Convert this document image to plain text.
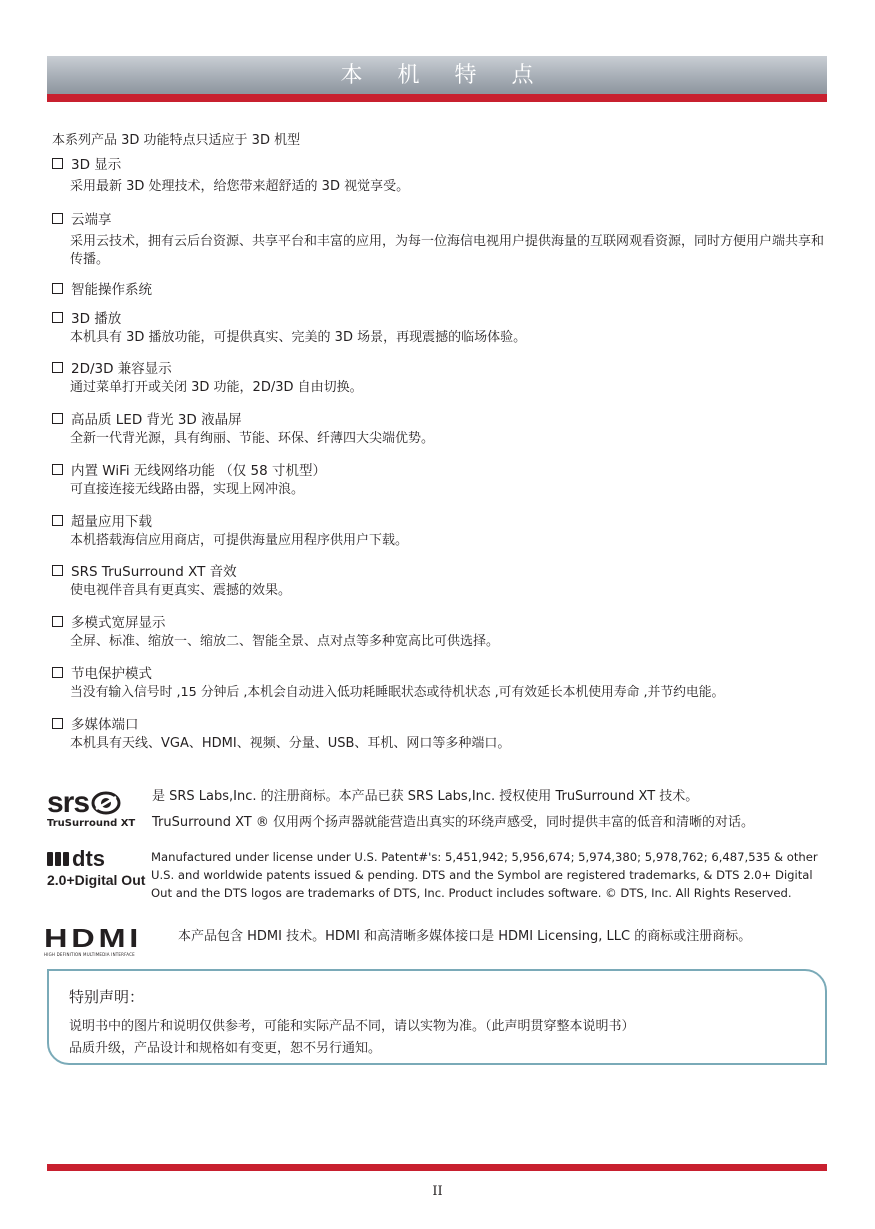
本 机 特 点
本系列产品 3D 功能特点只适应于 3D 机型
3D 显示
采用最新 3D 处理技术，给您带来超舒适的 3D 视觉享受。
云端享
采用云技术，拥有云后台资源、共享平台和丰富的应用，为每一位海信电视用户提供海量的互联网观看资源，同时方便用户端共享和传播。
智能操作系统
3D 播放
本机具有 3D 播放功能，可提供真实、完美的 3D 场景，再现震撼的临场体验。
2D/3D 兼容显示
通过菜单打开或关闭 3D 功能，2D/3D 自由切换。
高品质 LED 背光 3D 液晶屏
全新一代背光源，具有绚丽、节能、环保、纤薄四大尖端优势。
内置 WiFi 无线网络功能 （仅 58 寸机型）
可直接连接无线路由器，实现上网冲浪。
超量应用下载
本机搭载海信应用商店，可提供海量应用程序供用户下载。
SRS TruSurround XT 音效
使电视伴音具有更真实、震撼的效果。
多模式宽屏显示
全屏、标准、缩放一、缩放二、智能全景、点对点等多种宽高比可供选择。
节电保护模式
当没有输入信号时 ,15 分钟后 ,本机会自动进入低功耗睡眠状态或待机状态 ,可有效延长本机使用寿命 ,并节约电能。
多媒体端口
本机具有天线、VGA、HDMI、视频、分量、USB、耳机、网口等多种端口。
srs
TruSurround XT
是 SRS Labs,Inc. 的注册商标。本产品已获 SRS Labs,Inc. 授权使用 TruSurround XT 技术。
TruSurround XT ® 仅用两个扬声器就能营造出真实的环绕声感受，同时提供丰富的低音和清晰的对话。
dts
2.0+Digital Out
Manufactured under license under U.S. Patent#'s: 5,451,942; 5,956,674; 5,974,380; 5,978,762; 6,487,535 & other U.S. and worldwide patents issued & pending. DTS and the Symbol are registered trademarks, & DTS 2.0+ Digital Out and the DTS logos are trademarks of DTS, Inc. Product includes software. © DTS, Inc. All Rights Reserved.
HDMI
HIGH DEFINITION MULTIMEDIA INTERFACE
本产品包含 HDMI 技术。HDMI 和高清晰多媒体接口是 HDMI Licensing, LLC 的商标或注册商标。
特别声明：
说明书中的图片和说明仅供参考，可能和实际产品不同，请以实物为准。（此声明贯穿整本说明书）
品质升级，产品设计和规格如有变更，恕不另行通知。
II
